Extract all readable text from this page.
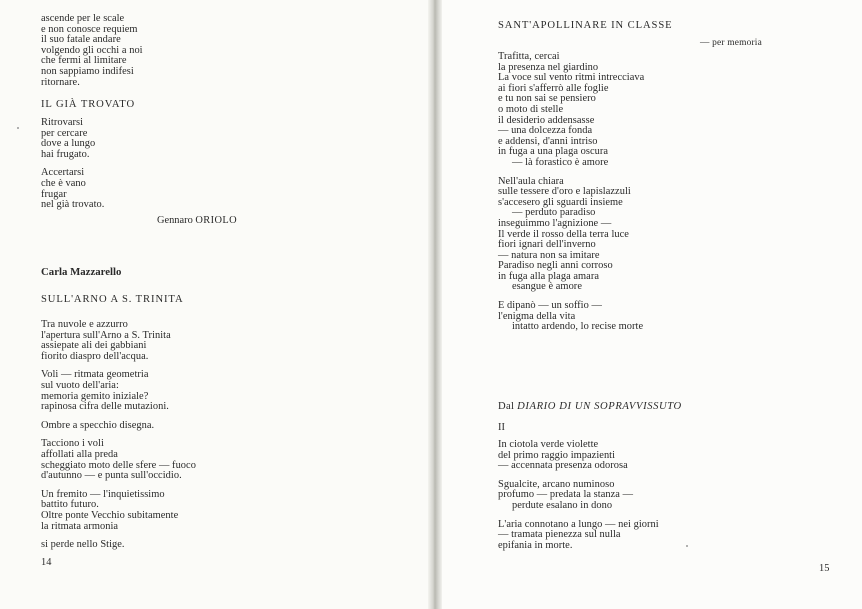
ascende per le scale
e non conosce requiem
il suo fatale andare
volgendo gli occhi a noi
che fermi al limitare
non sappiamo indifesi
ritornare.
IL GIÀ TROVATO
Ritrovarsi
per cercare
dove a lungo
hai frugato.
Accertarsi
che è vano
frugar
nel già trovato.
Gennaro ORIOLO
Carla Mazzarello
SULL'ARNO A S. TRINITA
Tra nuvole e azzurro
l'apertura sull'Arno a S. Trinita
assiepate ali dei gabbiani
fiorito diaspro dell'acqua.
Voli — ritmata geometria
sul vuoto dell'aria:
memoria gemito iniziale?
rapinosa cifra delle mutazioni.
Ombre a specchio disegna.
Tacciono i voli
affollati alla preda
scheggiato moto delle sfere — fuoco
d'autunno — e punta sull'occidio.
Un fremito — l'inquietissimo
battito futuro.
Oltre ponte Vecchio subitamente
la ritmata armonia
si perde nello Stige.
14
SANT'APOLLINARE IN CLASSE
— per memoria
Trafitta, cercai
la presenza nel giardino
La voce sul vento ritmi intrecciava
ai fiori s'afferrò alle foglie
e tu non sai se pensiero
o moto di stelle
il desiderio addensasse
— una dolcezza fonda
e addensi, d'anni intriso
in fuga a una plaga oscura
— là forastico è amore
Nell'aula chiara
sulle tessere d'oro e lapislazzuli
s'accesero gli sguardi insieme
— perduto paradiso
inseguimmo l'agnizione —
Il verde il rosso della terra luce
fiori ignari dell'inverno
— natura non sa imitare
Paradiso negli anni corroso
in fuga alla plaga amara
esangue è amore
E dipanò — un soffio —
l'enigma della vita
intatto ardendo, lo recise morte
Dal DIARIO DI UN SOPRAVVISSUTO
II
In ciotola verde violette
del primo raggio impazienti
— accennata presenza odorosa
Sgualcite, arcano numinoso
profumo — predata la stanza —
perdute esalano in dono
L'aria connotano a lungo — nei giorni
— tramata pienezza sul nulla
epifania in morte.
15
